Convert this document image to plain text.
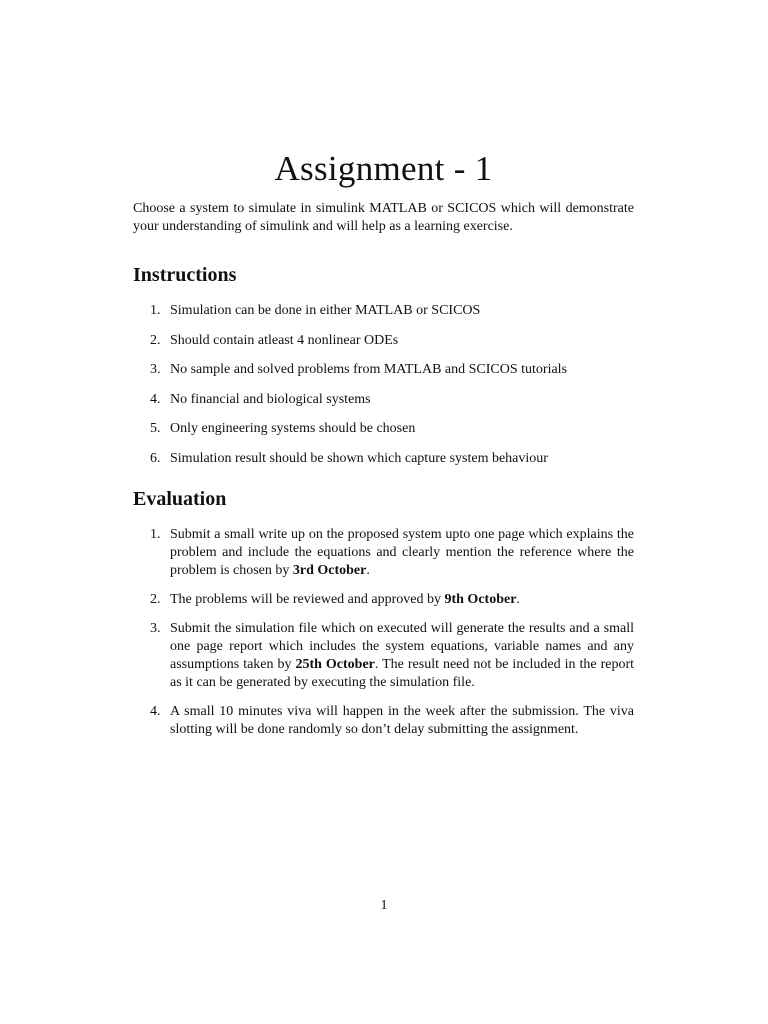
Assignment - 1

Choose a system to simulate in simulink MATLAB or SCICOS which will demonstrate your understanding of simulink and will help as a learning exercise.

Instructions
1. Simulation can be done in either MATLAB or SCICOS
2. Should contain atleast 4 nonlinear ODEs
3. No sample and solved problems from MATLAB and SCICOS tutorials
4. No financial and biological systems
5. Only engineering systems should be chosen
6. Simulation result should be shown which capture system behaviour
Evaluation
1. Submit a small write up on the proposed system upto one page which explains the problem and include the equations and clearly mention the reference where the problem is chosen by 3rd October.
2. The problems will be reviewed and approved by 9th October.
3. Submit the simulation file which on executed will generate the results and a small one page report which includes the system equations, variable names and any assumptions taken by 25th October. The result need not be included in the report as it can be generated by executing the simulation file.
4. A small 10 minutes viva will happen in the week after the submission. The viva slotting will be done randomly so don’t delay submitting the assignment.
1
